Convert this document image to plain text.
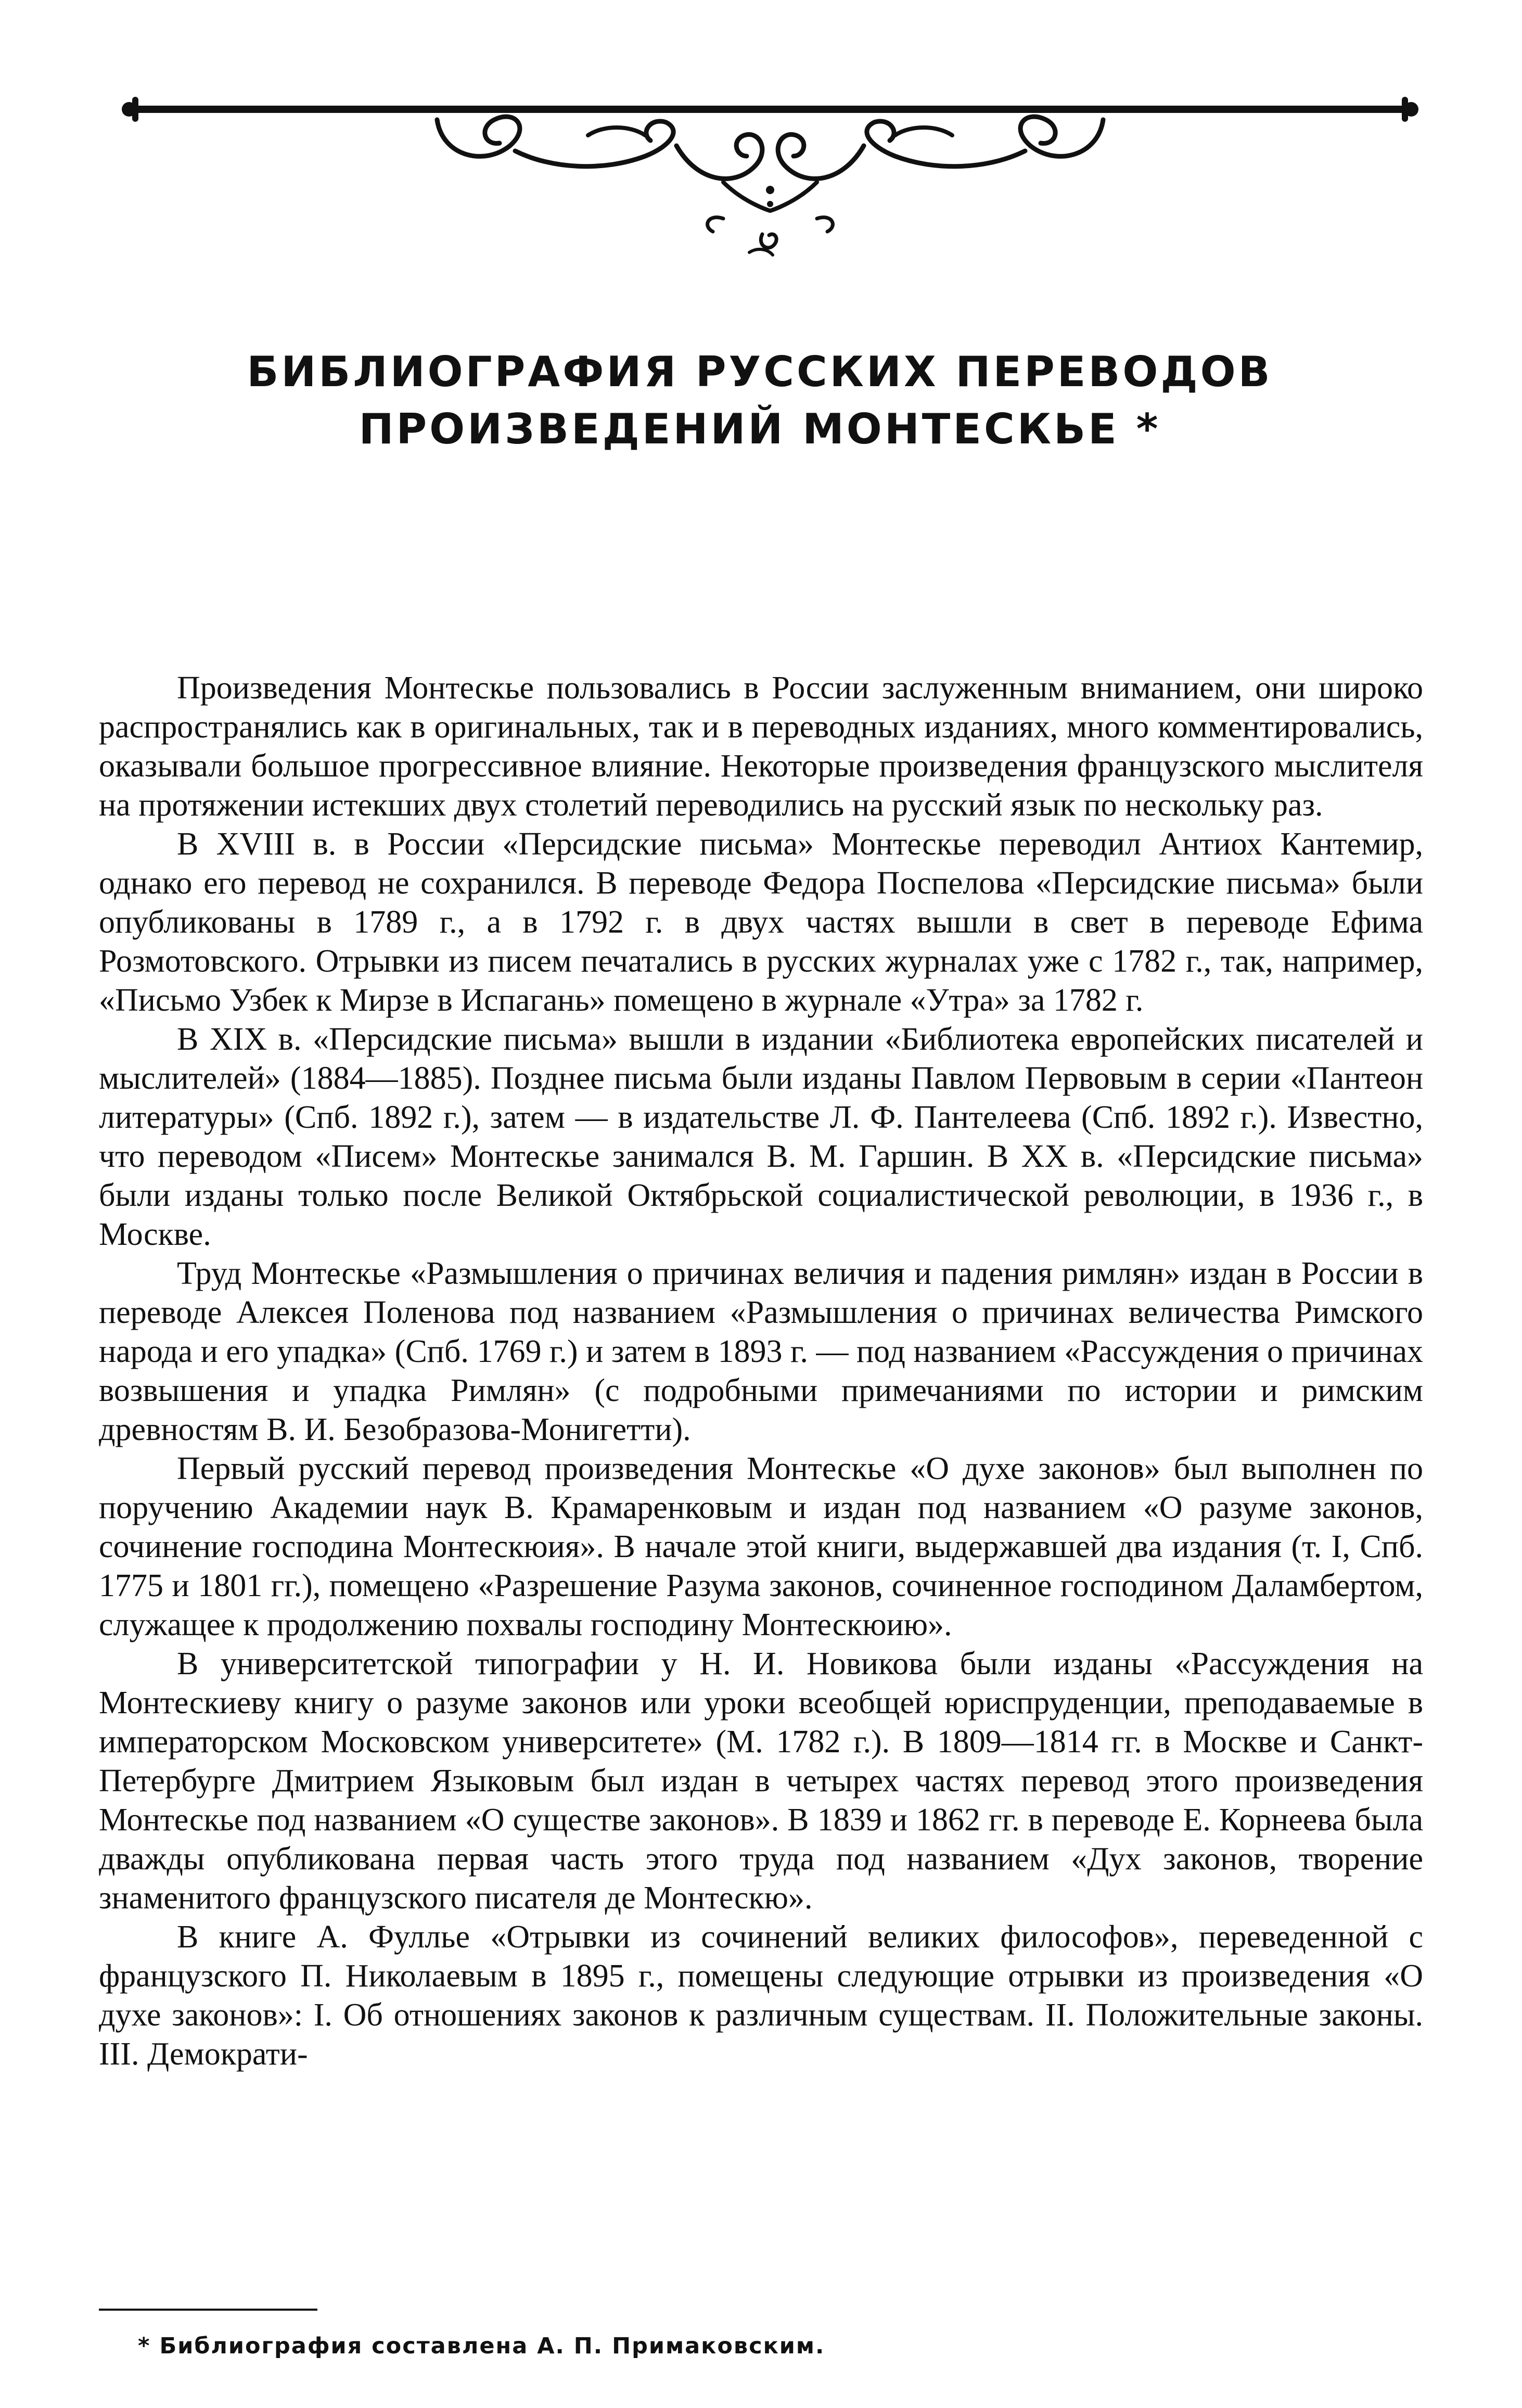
БИБЛИОГРАФИЯ РУССКИХ ПЕРЕВОДОВ ПРОИЗВЕДЕНИЙ МОНТЕСКЬЕ *

Произведения Монтескье пользовались в России заслуженным вниманием, они широко распространялись как в оригинальных, так и в переводных изданиях, много комментировались, оказывали большое прогрессивное влияние. Некоторые произведения французского мыслителя на протяжении истекших двух столетий переводились на русский язык по нескольку раз.

В XVIII в. в России «Персидские письма» Монтескье переводил Антиох Кантемир, однако его перевод не сохранился. В переводе Федора Поспелова «Персидские письма» были опубликованы в 1789 г., а в 1792 г. в двух частях вышли в свет в переводе Ефима Розмотовского. Отрывки из писем печатались в русских журналах уже с 1782 г., так, например, «Письмо Узбек к Мирзе в Испагань» помещено в журнале «Утра» за 1782 г.

В XIX в. «Персидские письма» вышли в издании «Библиотека европейских писателей и мыслителей» (1884—1885). Позднее письма были изданы Павлом Первовым в серии «Пантеон литературы» (Спб. 1892 г.), затем — в издательстве Л. Ф. Пантелеева (Спб. 1892 г.). Известно, что переводом «Писем» Монтескье занимался В. М. Гаршин. В XX в. «Персидские письма» были изданы только после Великой Октябрьской социалистической революции, в 1936 г., в Москве.

Труд Монтескье «Размышления о причинах величия и падения римлян» издан в России в переводе Алексея Поленова под названием «Размышления о причинах величества Римского народа и его упадка» (Спб. 1769 г.) и затем в 1893 г. — под названием «Рассуждения о причинах возвышения и упадка Римлян» (с подробными примечаниями по истории и римским древностям В. И. Безобразова-Монигетти).

Первый русский перевод произведения Монтескье «О духе законов» был выполнен по поручению Академии наук В. Крамаренковым и издан под названием «О разуме законов, сочинение господина Монтескюия». В начале этой книги, выдержавшей два издания (т. I, Спб. 1775 и 1801 гг.), помещено «Разрешение Разума законов, сочиненное господином Даламбертом, служащее к продолжению похвалы господину Монтескюию».

В университетской типографии у Н. И. Новикова были изданы «Рассуждения на Монтескиеву книгу о разуме законов или уроки всеобщей юриспруденции, преподаваемые в императорском Московском университете» (М. 1782 г.). В 1809—1814 гг. в Москве и Санкт-Петербурге Дмитрием Языковым был издан в четырех частях перевод этого произведения Монтескье под названием «О существе законов». В 1839 и 1862 гг. в переводе Е. Корнеева была дважды опубликована первая часть этого труда под названием «Дух законов, творение знаменитого французского писателя де Монтескю».

В книге А. Фуллье «Отрывки из сочинений великих философов», переведенной с французского П. Николаевым в 1895 г., помещены следующие отрывки из произведения «О духе законов»: I. Об отношениях законов к различным существам. II. Положительные законы. III. Демократи-

* Библиография составлена А. П. Примаковским.
